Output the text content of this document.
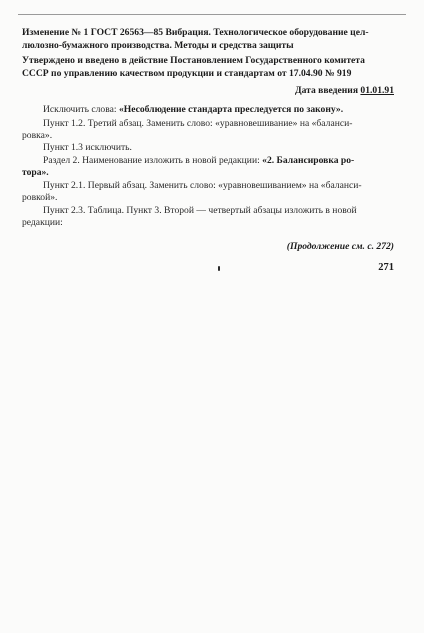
Изменение № 1 ГОСТ 26563—85 Вибрация. Технологическое оборудование цел-
люлозно-бумажного производства. Методы и средства защиты
Утверждено и введено в действие Постановлением Государственного комитета
СССР по управлению качеством продукции и стандартам от 17.04.90 № 919
Дата введения 01.01.91
Исключить слова: «Несоблюдение стандарта преследуется по закону».
Пункт 1.2. Третий абзац. Заменить слово: «уравновешивание» на «баланси-
ровка».
Пункт 1.3 исключить.
Раздел 2. Наименование изложить в новой редакции: «2. Балансировка ро-
тора».
Пункт 2.1. Первый абзац. Заменить слово: «уравновешиванием» на «баланси-
ровкой».
Пункт 2.3. Таблица. Пункт 3. Второй — четвертый абзацы изложить в новой
редакции:
(Продолжение см. с. 272)
271
